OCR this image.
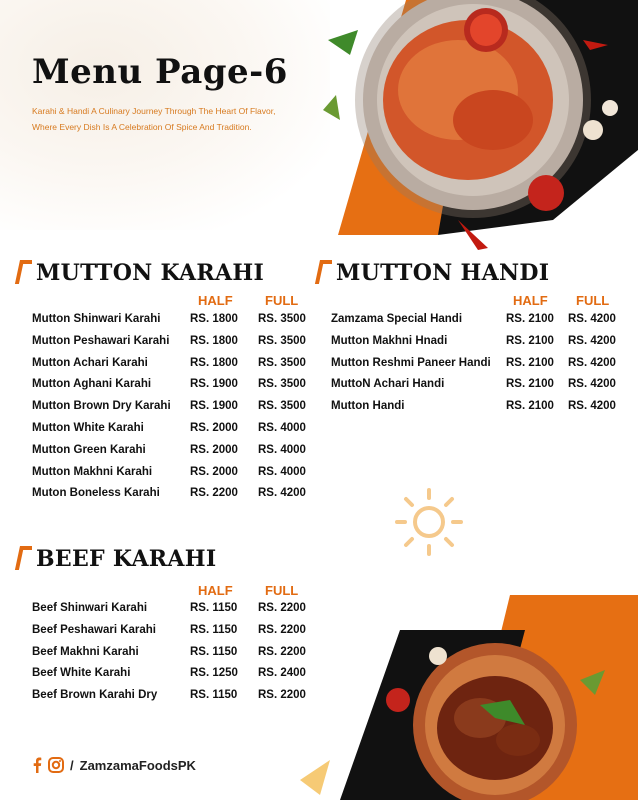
Menu Page-6

Karahi & Handi A Culinary Journey Through The Heart Of Flavor, Where Every Dish Is A Celebration Of Spice And Tradition.

MUTTON KARAHI
HALF FULL
Mutton Shinwari Karahi	RS. 1800 RS. 3500
Mutton Peshawari Karahi RS. 1800 RS. 3500
Mutton Achari Karahi	RS. 1800 RS. 3500
Mutton Aghani Karahi	RS. 1900 RS. 3500
Mutton Brown Dry Karahi RS. 1900 RS. 3500
Mutton White Karahi	RS. 2000 RS. 4000
Mutton Green Karahi	RS. 2000 RS. 4000
Mutton Makhni Karahi	RS. 2000 RS. 4000
Muton Boneless Karahi	RS. 2200 RS. 4200
MUTTON HANDI
HALF FULL
Zamzama Special Handi	RS. 2100 RS. 4200
Mutton Makhni Hnadi	RS. 2100 RS. 4200
Mutton Reshmi Paneer Handi RS. 2100 RS. 4200
MuttoN Achari Handi	RS. 2100 RS. 4200
Mutton Handi	RS. 2100 RS. 4200
BEEF KARAHI
HALF FULL
Beef Shinwari Karahi	RS. 1150 RS. 2200
Beef Peshawari Karahi	RS. 1150 RS. 2200
Beef Makhni Karahi	RS. 1150 RS. 2200
Beef White Karahi	RS. 1250 RS. 2400
Beef Brown Karahi Dry	RS. 1150 RS. 2200
/ ZamzamaFoodsPK
